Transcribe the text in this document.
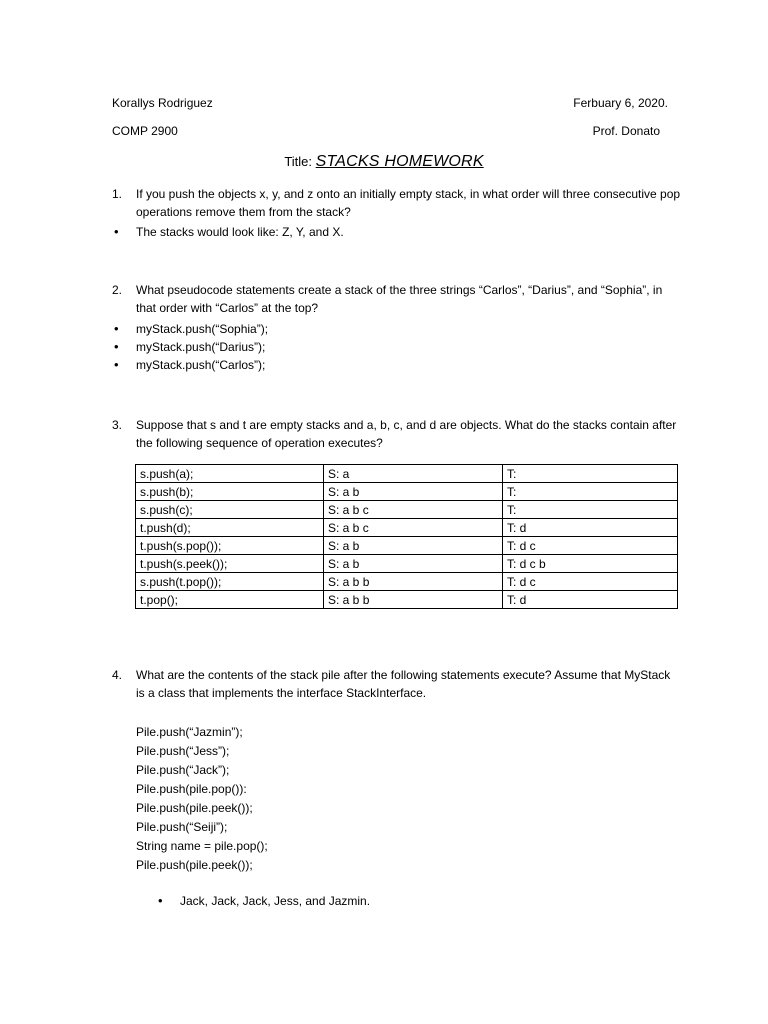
Korallys Rodriguez	Ferbuary 6, 2020.
COMP 2900	Prof. Donato
Title: STACKS HOMEWORK
1.	If you push the objects x, y, and z onto an initially empty stack, in what order will three consecutive pop operations remove them from the stack?
• The stacks would look like: Z, Y, and X.
2.	What pseudocode statements create a stack of the three strings “Carlos”, “Darius”, and “Sophia”, in that order with “Carlos” at the top?
• myStack.push(“Sophia”);
• myStack.push(“Darius”);
• myStack.push(“Carlos”);
3.	Suppose that s and t are empty stacks and a, b, c, and d are objects. What do the stacks contain after the following sequence of operation executes?
s.push(a);	S: a	T:
s.push(b);	S: a b	T:
s.push(c);	S: a b c	T:
t.push(d);	S: a b c	T: d
t.push(s.pop());	S: a b	T: d c
t.push(s.peek());	S: a b	T: d c b
s.push(t.pop());	S: a b b	T: d c
t.pop();	S: a b b	T: d
4.	What are the contents of the stack pile after the following statements execute? Assume that MyStack is a class that implements the interface StackInterface.
Pile.push(“Jazmin”);
Pile.push(“Jess”);
Pile.push(“Jack”);
Pile.push(pile.pop()):
Pile.push(pile.peek());
Pile.push(“Seiji”);
String name = pile.pop();
Pile.push(pile.peek());
• Jack, Jack, Jack, Jess, and Jazmin.
